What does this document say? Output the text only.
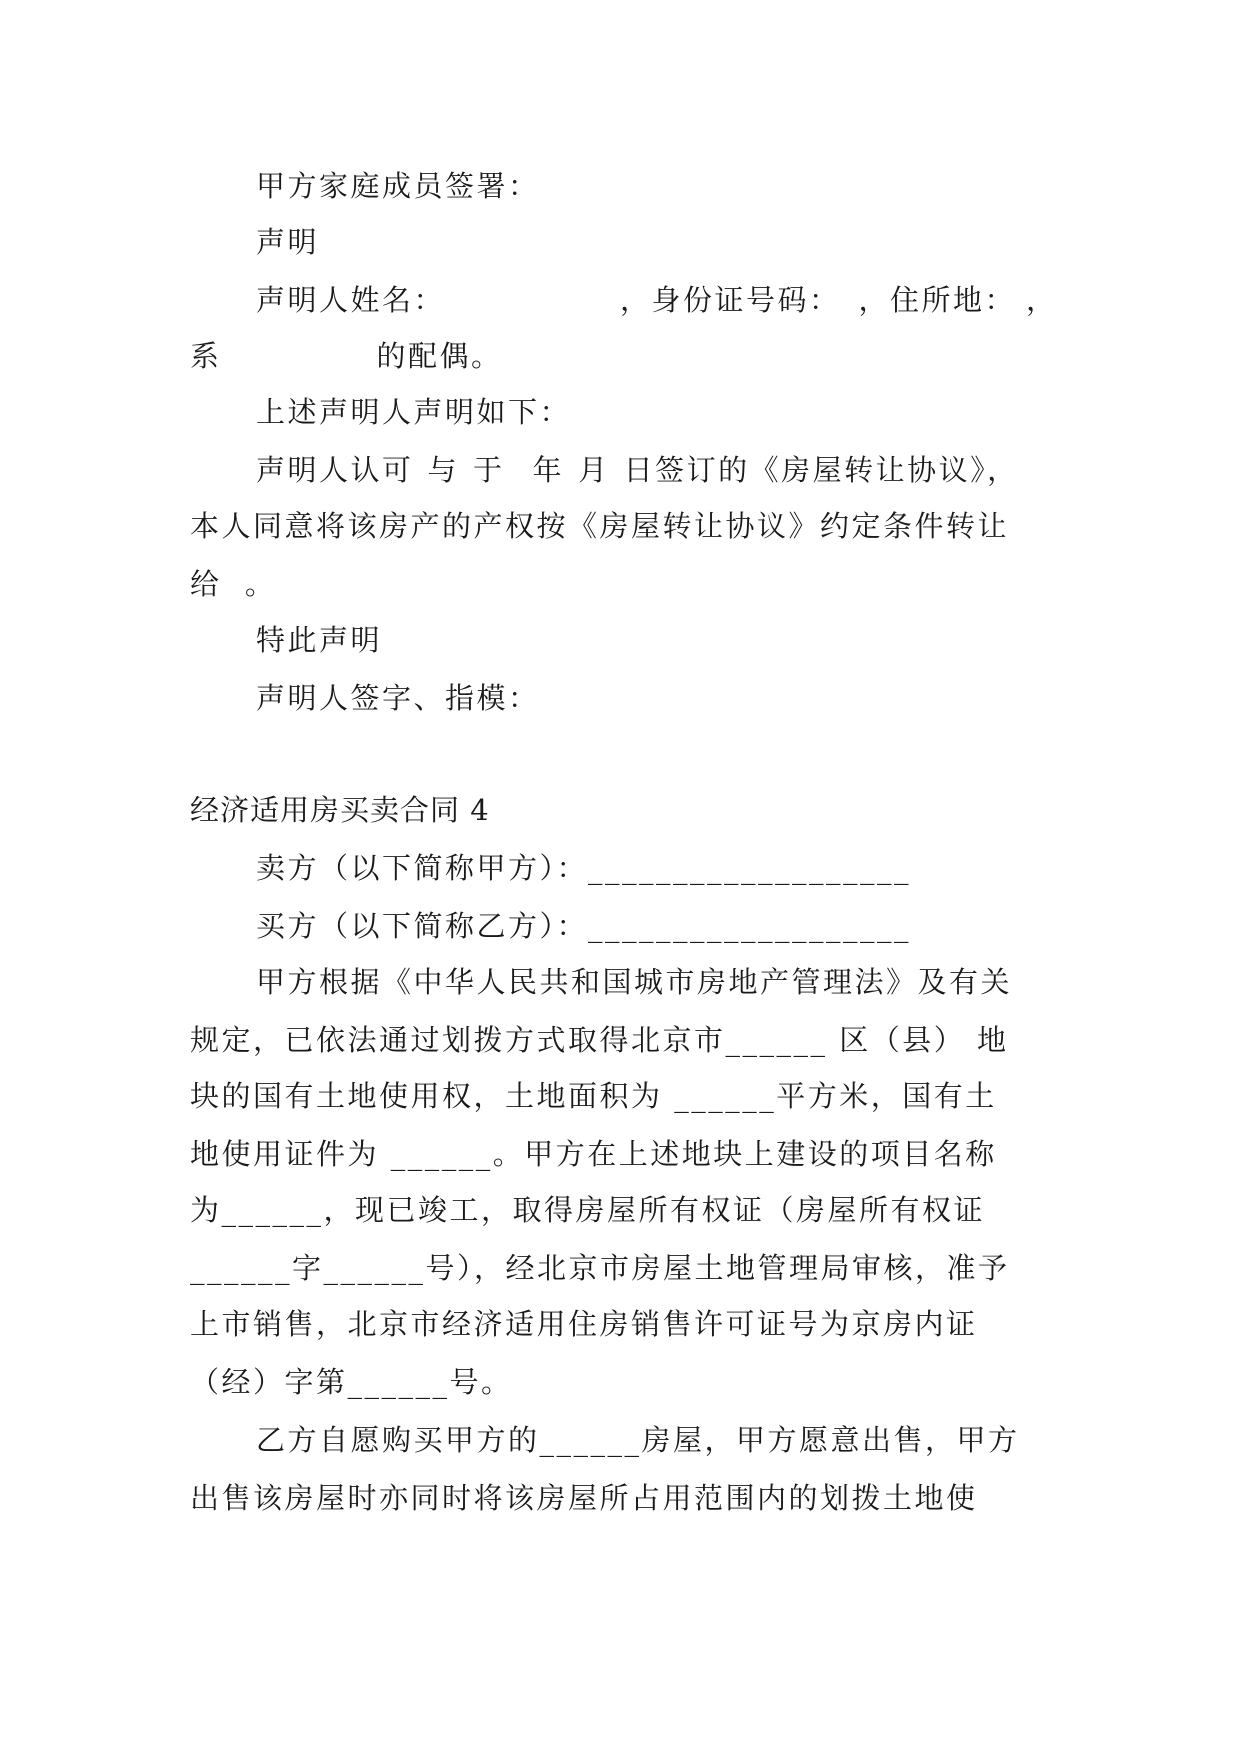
甲方家庭成员签署：
声明
声明人姓名：	，身份证号码： ，住所地： ，
系	的配偶。
上述声明人声明如下：
声明人认可 与 于 年 月 日签订的《房屋转让协议》，
本人同意将该房产的产权按《房屋转让协议》约定条件转让
给  。
特此声明
声明人签字、指模：
经济适用房买卖合同 4
卖方（以下简称甲方）：___________________
买方（以下简称乙方）：___________________
甲方根据《中华人民共和国城市房地产管理法》及有关
规定，已依法通过划拨方式取得北京市______ 区（县） 地
块的国有土地使用权，土地面积为 ______平方米，国有土
地使用证件为 ______。甲方在上述地块上建设的项目名称
为______，现已竣工，取得房屋所有权证（房屋所有权证
______字______号），经北京市房屋土地管理局审核，准予
上市销售，北京市经济适用住房销售许可证号为京房内证
（经）字第______号。
乙方自愿购买甲方的______房屋，甲方愿意出售，甲方
出售该房屋时亦同时将该房屋所占用范围内的划拨土地使
